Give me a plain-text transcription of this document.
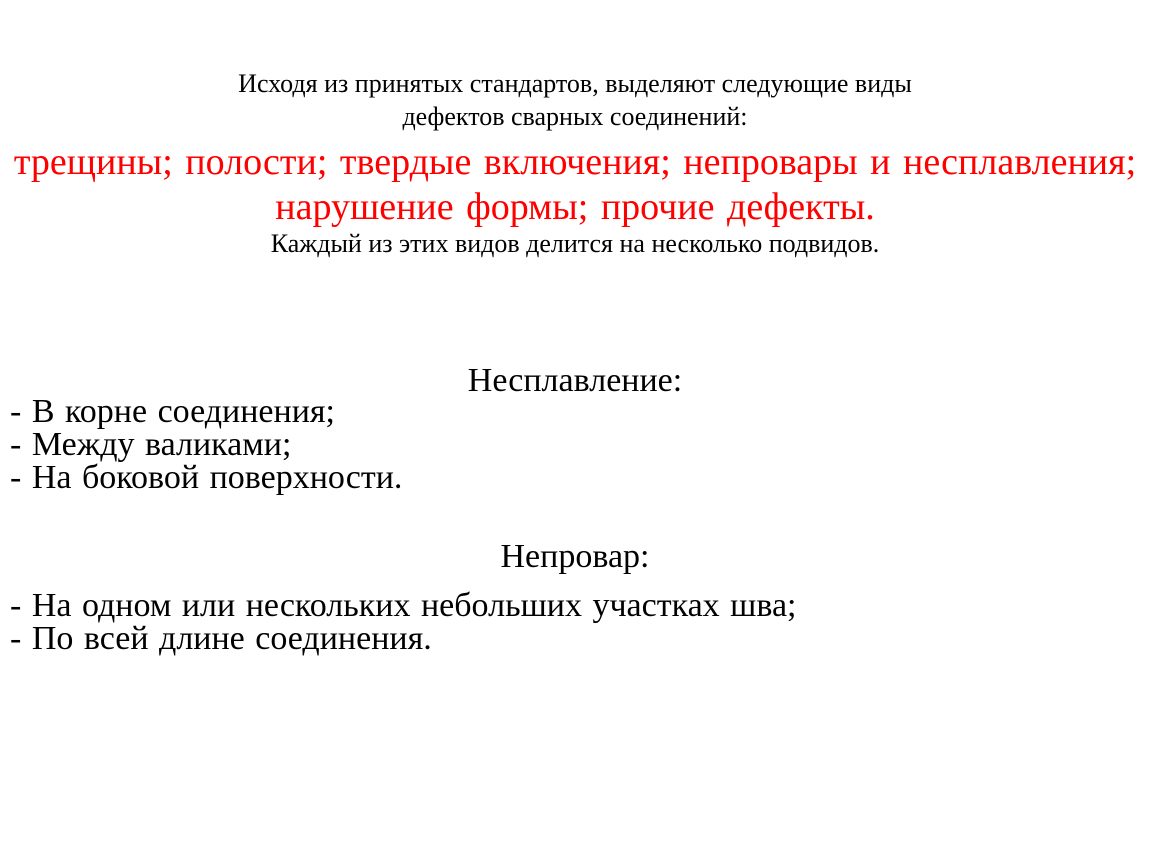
Исходя из принятых стандартов, выделяют следующие виды
дефектов сварных соединений:
трещины; полости; твердые включения; непровары и несплавления;
нарушение формы; прочие дефекты.
Каждый из этих видов делится на несколько подвидов.
Несплавление:
- В корне соединения;
- Между валиками;
- На боковой поверхности.
Непровар:
- На одном или нескольких небольших участках шва;
- По всей длине соединения.
